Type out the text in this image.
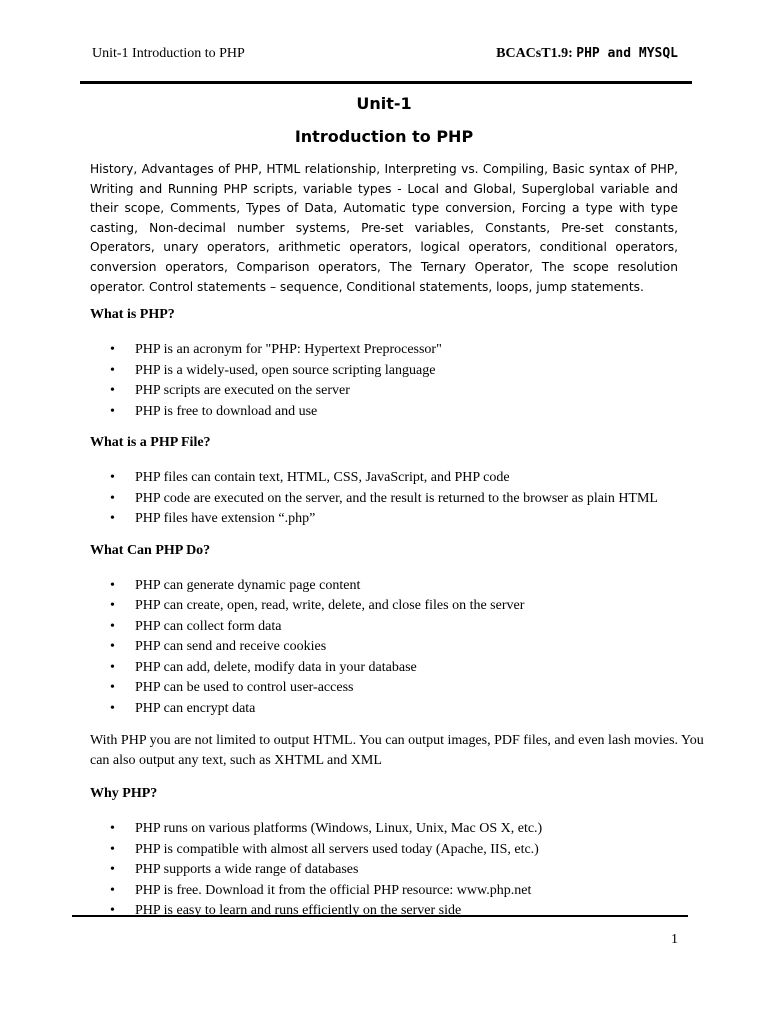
Unit-1 Introduction to PHP	BCACsT1.9: PHP and MYSQL
Unit-1
Introduction to PHP

History, Advantages of PHP, HTML relationship, Interpreting vs. Compiling, Basic syntax of PHP, Writing and Running PHP scripts, variable types - Local and Global, Superglobal variable and their scope, Comments, Types of Data, Automatic type conversion, Forcing a type with type casting, Non-decimal number systems, Pre-set variables, Constants, Pre-set constants, Operators, unary operators, arithmetic operators, logical operators, conditional operators, conversion operators, Comparison operators, The Ternary Operator, The scope resolution operator. Control statements – sequence, Conditional statements, loops, jump statements.

What is PHP?
• PHP is an acronym for "PHP: Hypertext Preprocessor"
• PHP is a widely-used, open source scripting language
• PHP scripts are executed on the server
• PHP is free to download and use
What is a PHP File?
• PHP files can contain text, HTML, CSS, JavaScript, and PHP code
• PHP code are executed on the server, and the result is returned to the browser as plain HTML
• PHP files have extension “.php”
What Can PHP Do?
• PHP can generate dynamic page content
• PHP can create, open, read, write, delete, and close files on the server
• PHP can collect form data
• PHP can send and receive cookies
• PHP can add, delete, modify data in your database
• PHP can be used to control user-access
• PHP can encrypt data

With PHP you are not limited to output HTML. You can output images, PDF files, and even lash movies. You can also output any text, such as XHTML and XML

Why PHP?
• PHP runs on various platforms (Windows, Linux, Unix, Mac OS X, etc.)
• PHP is compatible with almost all servers used today (Apache, IIS, etc.)
• PHP supports a wide range of databases
• PHP is free. Download it from the official PHP resource: www.php.net
• PHP is easy to learn and runs efficiently on the server side
1
